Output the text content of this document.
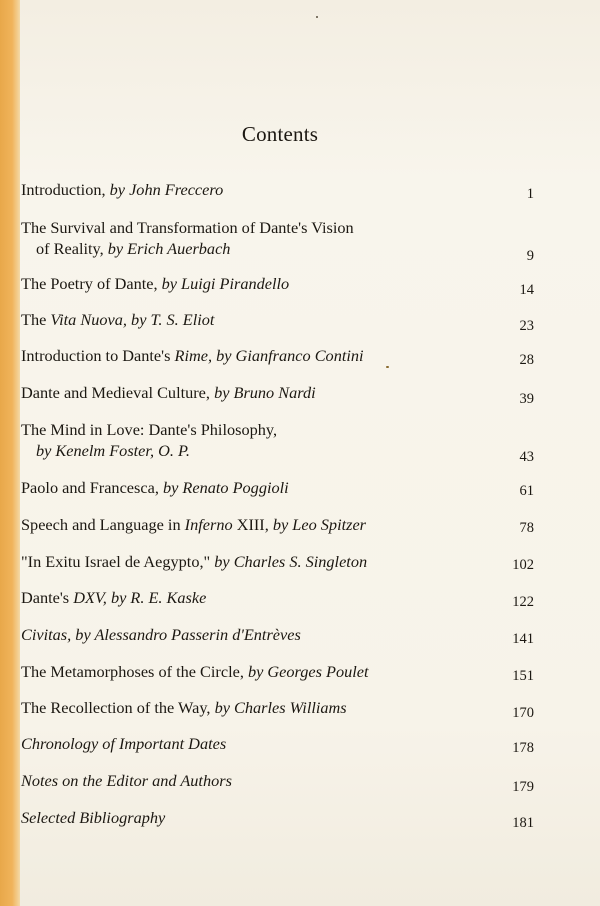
Contents
Introduction, by John Freccero	1
The Survival and Transformation of Dante's Vision
of Reality, by Erich Auerbach	9
The Poetry of Dante, by Luigi Pirandello	14
The Vita Nuova, by T. S. Eliot	23
Introduction to Dante's Rime, by Gianfranco Contini	28
Dante and Medieval Culture, by Bruno Nardi	39
The Mind in Love: Dante's Philosophy,
by Kenelm Foster, O. P.	43
Paolo and Francesca, by Renato Poggioli	61
Speech and Language in Inferno XIII, by Leo Spitzer	78
"In Exitu Israel de Aegypto," by Charles S. Singleton	102
Dante's DXV, by R. E. Kaske	122
Civitas, by Alessandro Passerin d'Entrèves	141
The Metamorphoses of the Circle, by Georges Poulet	151
The Recollection of the Way, by Charles Williams	170
Chronology of Important Dates	178
Notes on the Editor and Authors	179
Selected Bibliography	181
